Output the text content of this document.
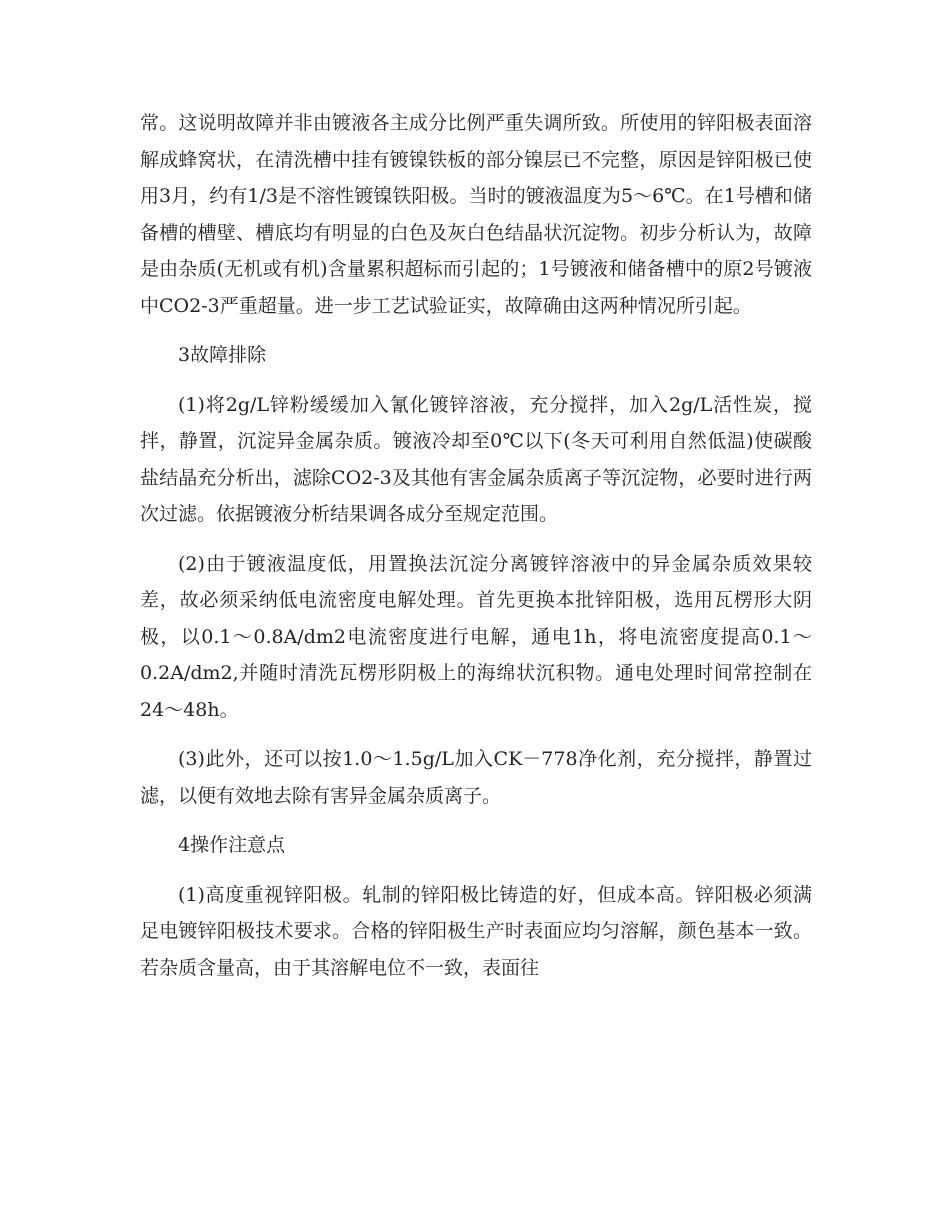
常。这说明故障并非由镀液各主成分比例严重失调所致。所使用的锌阳极表面溶解成蜂窝状，在清洗槽中挂有镀镍铁板的部分镍层已不完整，原因是锌阳极已使用3月，约有1/3是不溶性镀镍铁阳极。当时的镀液温度为5～6℃。在1号槽和储备槽的槽壁、槽底均有明显的白色及灰白色结晶状沉淀物。初步分析认为，故障是由杂质(无机或有机)含量累积超标而引起的；1号镀液和储备槽中的原2号镀液中CO2-3严重超量。进一步工艺试验证实，故障确由这两种情况所引起。

3故障排除

(1)将2g/L锌粉缓缓加入氰化镀锌溶液，充分搅拌，加入2g/L活性炭，搅拌，静置，沉淀异金属杂质。镀液冷却至0℃以下(冬天可利用自然低温)使碳酸盐结晶充分析出，滤除CO2-3及其他有害金属杂质离子等沉淀物，必要时进行两次过滤。依据镀液分析结果调各成分至规定范围。

(2)由于镀液温度低，用置换法沉淀分离镀锌溶液中的异金属杂质效果较差，故必须采纳低电流密度电解处理。首先更换本批锌阳极，选用瓦楞形大阴极，以0.1～0.8A/dm2电流密度进行电解，通电1h，将电流密度提高0.1～0.2A/dm2,并随时清洗瓦楞形阴极上的海绵状沉积物。通电处理时间常控制在24～48h。

(3)此外，还可以按1.0～1.5g/L加入CK－778净化剂，充分搅拌，静置过滤，以便有效地去除有害异金属杂质离子。

4操作注意点

(1)高度重视锌阳极。轧制的锌阳极比铸造的好，但成本高。锌阳极必须满足电镀锌阳极技术要求。合格的锌阳极生产时表面应均匀溶解，颜色基本一致。若杂质含量高，由于其溶解电位不一致，表面往
